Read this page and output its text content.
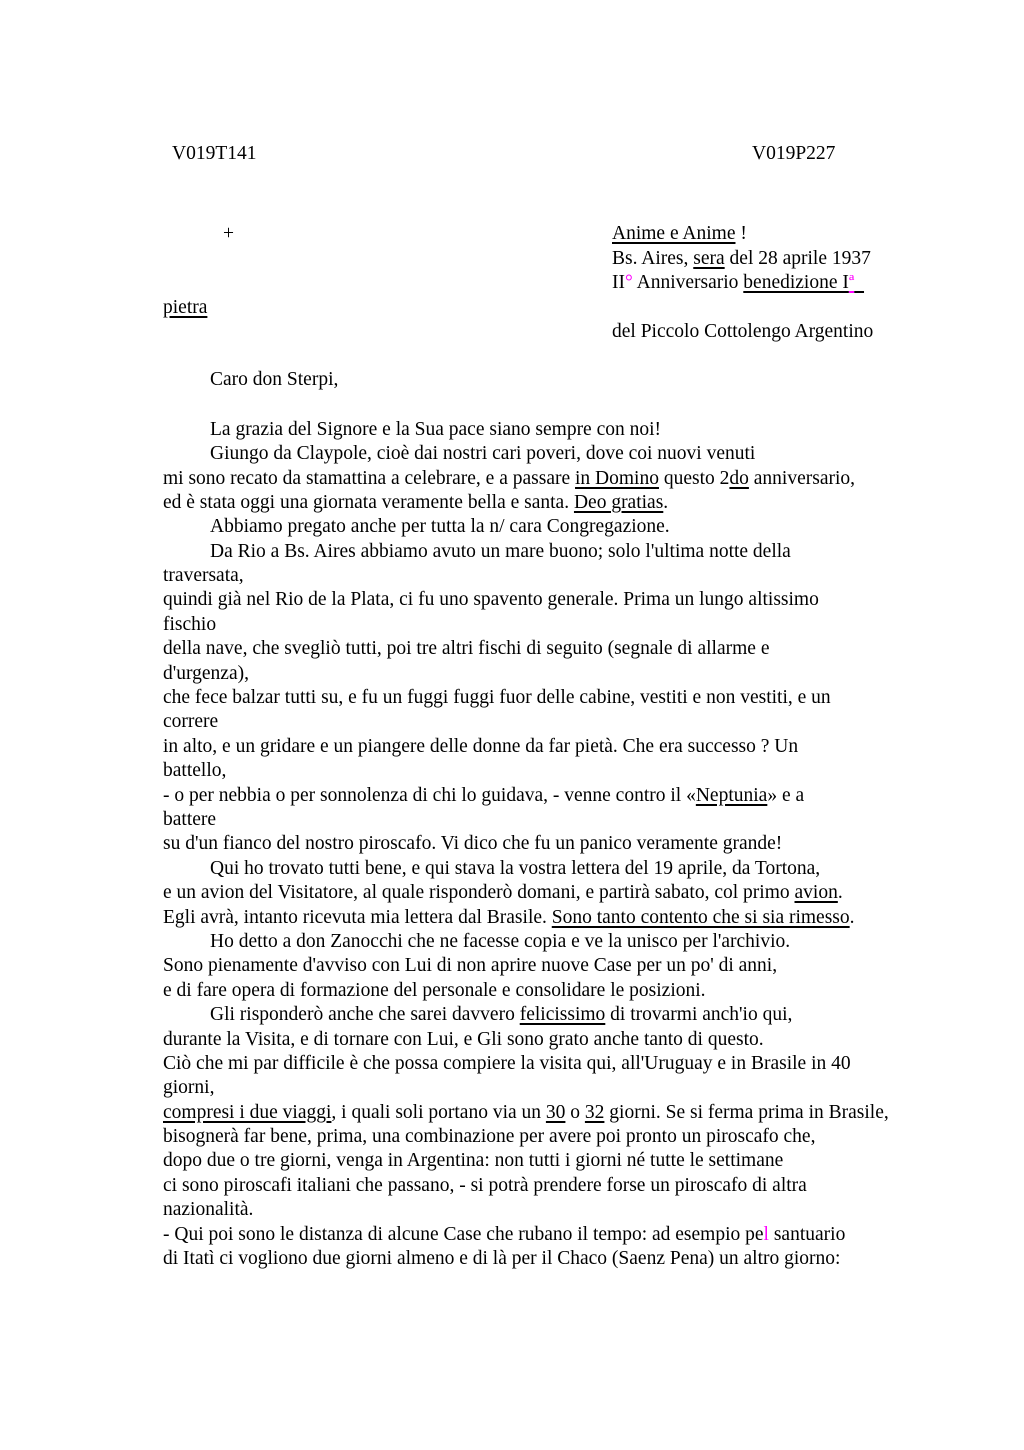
V019T141	V019P227
+	Anime e Anime !
Bs. Aires, sera del 28 aprile 1937
II° Anniversario benedizione Iª
pietra
del Piccolo Cottolengo Argentino
Caro don Sterpi,
La grazia del Signore e la Sua pace siano sempre con noi!
Giungo da Claypole, cioè dai nostri cari poveri, dove coi nuovi venuti
mi sono recato da stamattina a celebrare, e a passare in Domino questo 2do anniversario,
ed è stata oggi una giornata veramente bella e santa. Deo gratias.
Abbiamo pregato anche per tutta la n/ cara Congregazione.
Da Rio a Bs. Aires abbiamo avuto un mare buono; solo l'ultima notte della
traversata,
quindi già nel Rio de la Plata, ci fu uno spavento generale. Prima un lungo altissimo
fischio
della nave, che svegliò tutti, poi tre altri fischi di seguito (segnale di allarme e
d'urgenza),
che fece balzar tutti su, e fu un fuggi fuggi fuor delle cabine, vestiti e non vestiti, e un
correre
in alto, e un gridare e un piangere delle donne da far pietà. Che era successo ? Un
battello,
- o per nebbia o per sonnolenza di chi lo guidava, - venne contro il «Neptunia» e a
battere
su d'un fianco del nostro piroscafo. Vi dico che fu un panico veramente grande!
Qui ho trovato tutti bene, e qui stava la vostra lettera del 19 aprile, da Tortona,
e un avion del Visitatore, al quale risponderò domani, e partirà sabato, col primo avion.
Egli avrà, intanto ricevuta mia lettera dal Brasile. Sono tanto contento che si sia rimesso.
Ho detto a don Zanocchi che ne facesse copia e ve la unisco per l'archivio.
Sono pienamente d'avviso con Lui di non aprire nuove Case per un po' di anni,
e di fare opera di formazione del personale e consolidare le posizioni.
Gli risponderò anche che sarei davvero felicissimo di trovarmi anch'io qui,
durante la Visita, e di tornare con Lui, e Gli sono grato anche tanto di questo.
Ciò che mi par difficile è che possa compiere la visita qui, all'Uruguay e in Brasile in 40
giorni,
compresi i due viaggi, i quali soli portano via un 30 o 32 giorni. Se si ferma prima in Brasile,
bisognerà far bene, prima, una combinazione per avere poi pronto un piroscafo che,
dopo due o tre giorni, venga in Argentina: non tutti i giorni né tutte le settimane
ci sono piroscafi italiani che passano, - si potrà prendere forse un piroscafo di altra
nazionalità.
- Qui poi sono le distanza di alcune Case che rubano il tempo: ad esempio pel santuario
di Itatì ci vogliono due giorni almeno e di là per il Chaco (Saenz Pena) un altro giorno:
